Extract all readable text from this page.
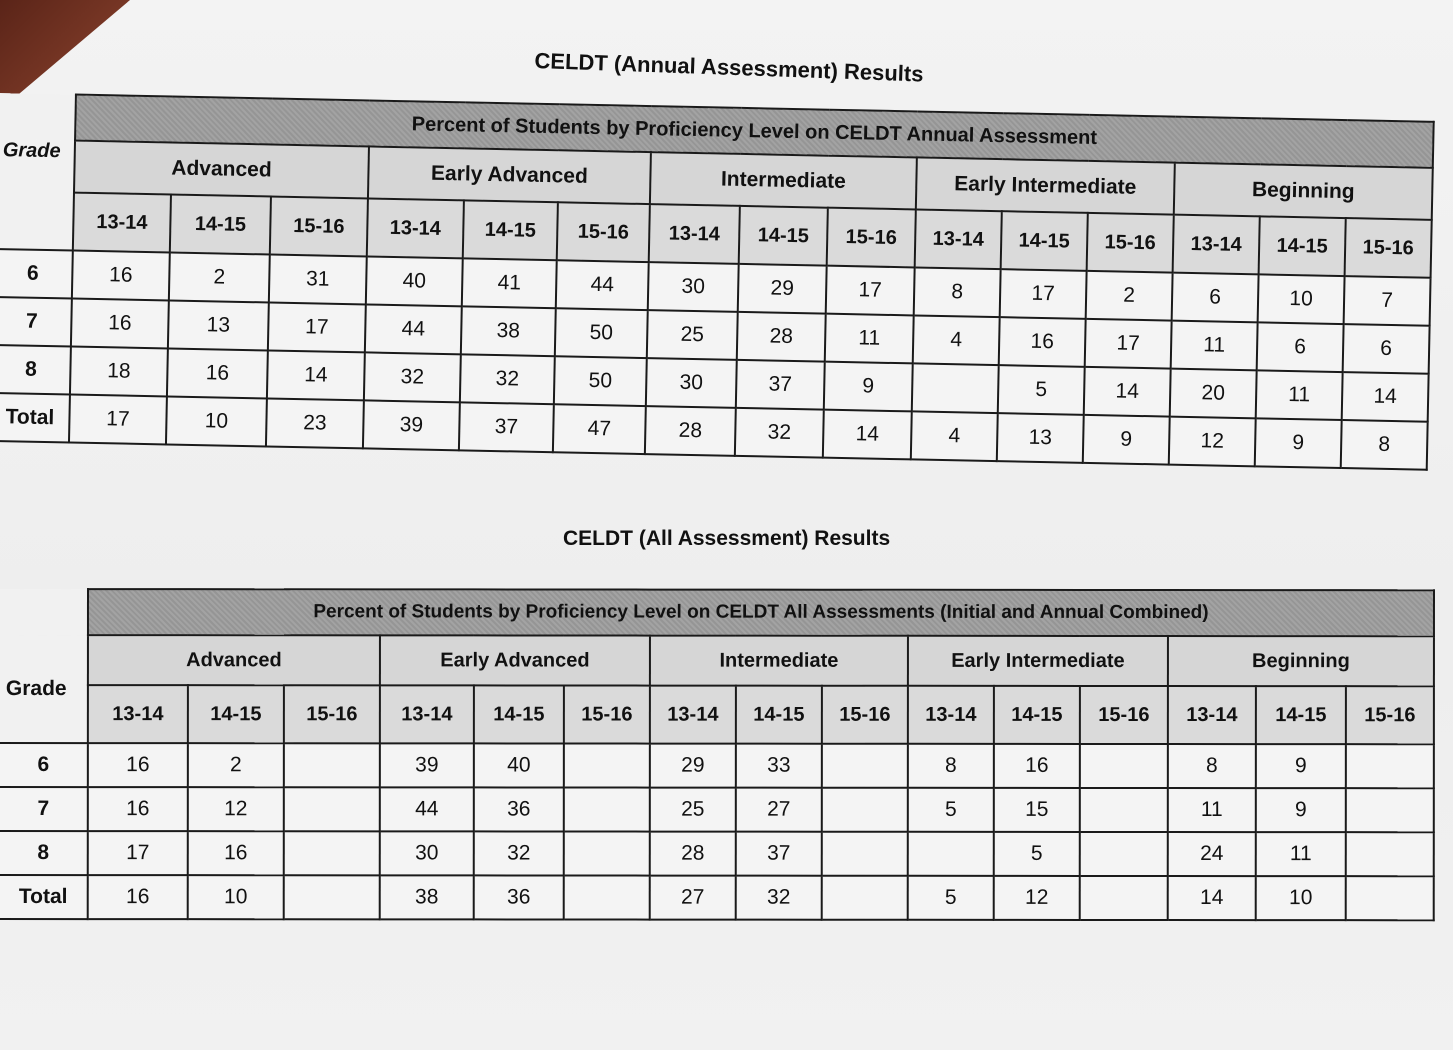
CELDT (Annual Assessment) Results
	Percent of Students by Proficiency Level on CELDT Annual Assessment														
Grade	Advanced			Early Advanced			Intermediate			Early Intermediate			Beginning		
	13-14	14-15	15-16	13-14	14-15	15-16	13-14	14-15	15-16	13-14	14-15	15-16	13-14	14-15	15-16
6	16	2	31	40	41	44	30	29	17	8	17	2	6	10	7
7	16	13	17	44	38	50	25	28	11	4	16	17	11	6	6
8	18	16	14	32	32	50	30	37	9		5	14	20	11	14
Total	17	10	23	39	37	47	28	32	14	4	13	9	12	9	8
CELDT (All Assessment) Results
	Percent of Students by Proficiency Level on CELDT All Assessments (Initial and Annual Combined)														
Grade	Advanced			Early Advanced			Intermediate			Early Intermediate			Beginning		
	13-14	14-15	15-16	13-14	14-15	15-16	13-14	14-15	15-16	13-14	14-15	15-16	13-14	14-15	15-16
6	16	2		39	40		29	33		8	16		8	9	
7	16	12		44	36		25	27		5	15		11	9	
8	17	16		30	32		28	37			5		24	11	
Total	16	10		38	36		27	32		5	12		14	10	
